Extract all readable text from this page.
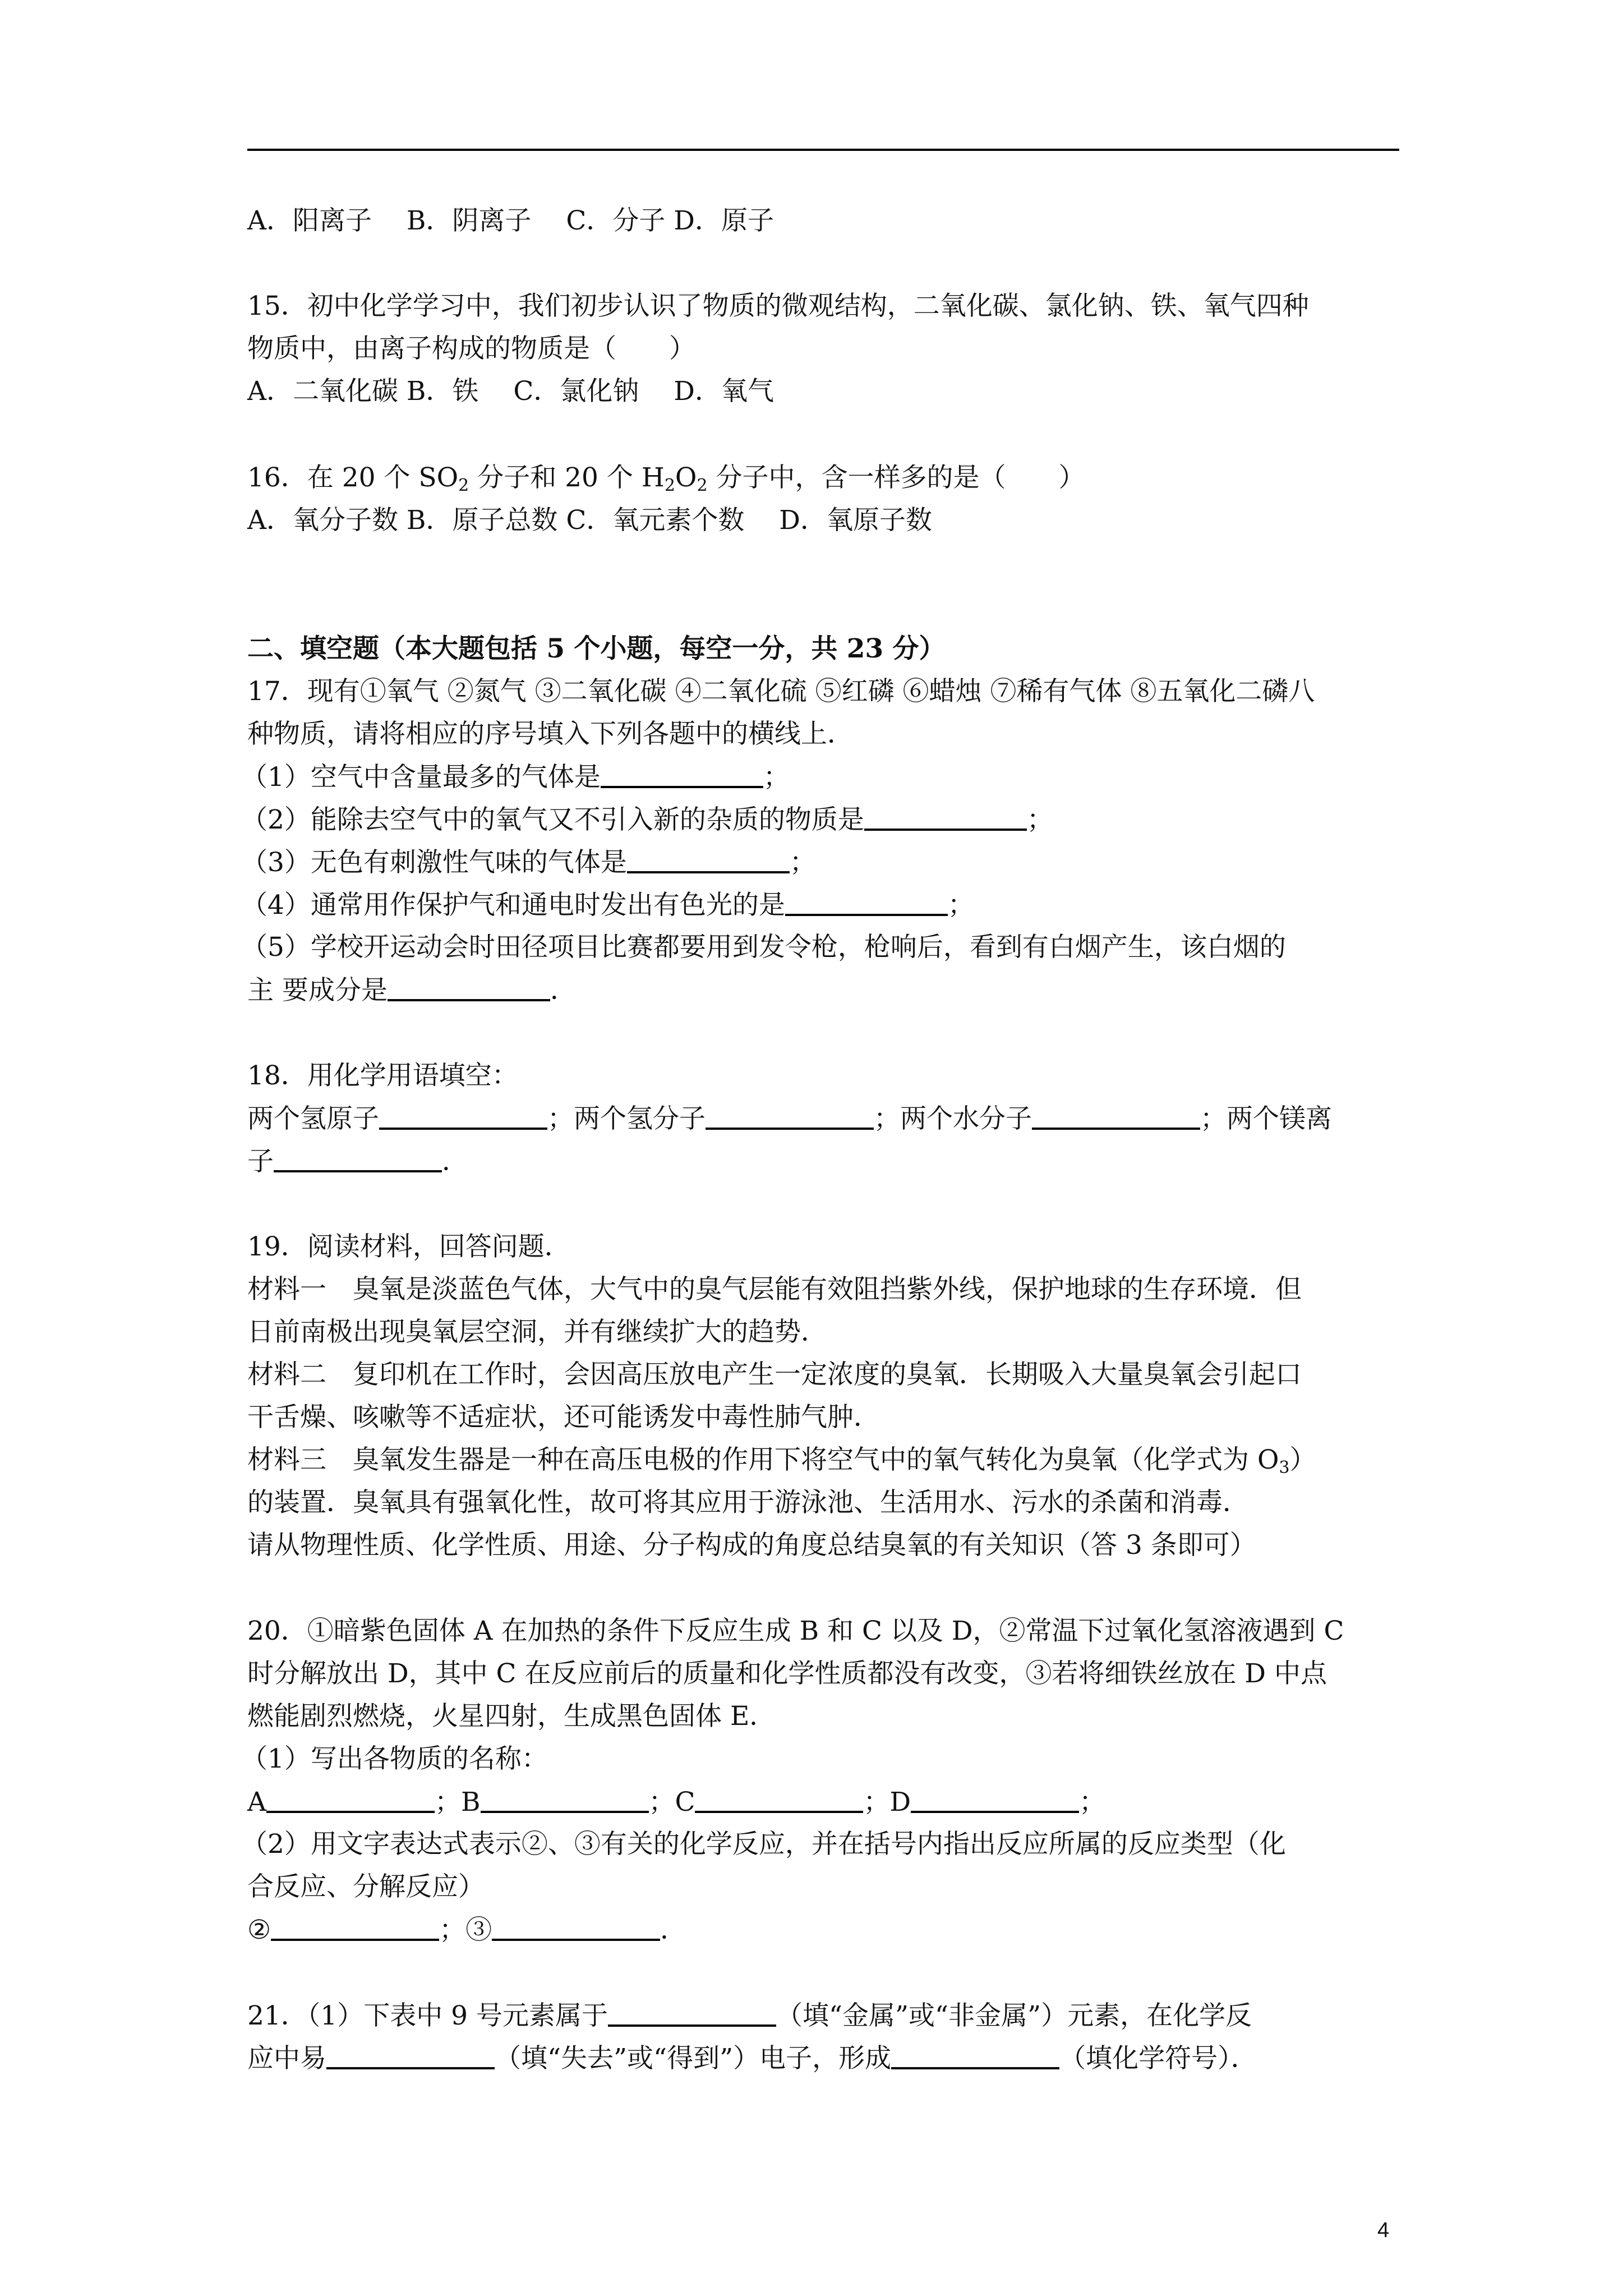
A．阳离子　 B．阴离子　 C．分子 D．原子
15．初中化学学习中，我们初步认识了物质的微观结构，二氧化碳、氯化钠、铁、氧气四种
物质中，由离子构成的物质是（　　）
A．二氧化碳 B．铁　 C．氯化钠　 D．氧气
16．在 20 个 $SO_2$ 分子和 20 个 $H_2O_2$ 分子中，含一样多的是（　　）
A．氧分子数 B．原子总数 C．氧元素个数　 D．氧原子数
二、填空题（本大题包括 5 个小题，每空一分，共 23 分）
17．现有①氧气 ②氮气 ③二氧化碳 ④二氧化硫 ⑤红磷 ⑥蜡烛 ⑦稀有气体 ⑧五氧化二磷八
种物质，请将相应的序号填入下列各题中的横线上．
（1）空气中含量最多的气体是	；
（2）能除去空气中的氧气又不引入新的杂质的物质是	；
（3）无色有刺激性气味的气体是	；
（4）通常用作保护气和通电时发出有色光的是	；
（5）学校开运动会时田径项目比赛都要用到发令枪，枪响后，看到有白烟产生，该白烟的
主 要成分是	．
18．用化学用语填空：
两个氢原子	；两个氢分子	；两个水分子	；两个镁离
子	．
19．阅读材料，回答问题．
材料一　臭氧是淡蓝色气体，大气中的臭气层能有效阻挡紫外线，保护地球的生存环境．但
日前南极出现臭氧层空洞，并有继续扩大的趋势．
材料二　复印机在工作时，会因高压放电产生一定浓度的臭氧．长期吸入大量臭氧会引起口
干舌燥、咳嗽等不适症状，还可能诱发中毒性肺气肿．
材料三　臭氧发生器是一种在高压电极的作用下将空气中的氧气转化为臭氧（化学式为 $O_3$）
的装置．臭氧具有强氧化性，故可将其应用于游泳池、生活用水、污水的杀菌和消毒．
请从物理性质、化学性质、用途、分子构成的角度总结臭氧的有关知识（答 3 条即可）
20．①暗紫色固体 A 在加热的条件下反应生成 B 和 C 以及 D，②常温下过氧化氢溶液遇到 C
时分解放出 D，其中 C 在反应前后的质量和化学性质都没有改变，③若将细铁丝放在 D 中点
燃能剧烈燃烧，火星四射，生成黑色固体 E．
（1）写出各物质的名称：
A	；B	；C	；D	；
（2）用文字表达式表示②、③有关的化学反应，并在括号内指出反应所属的反应类型（化
合反应、分解反应）
②	；③	．
21．（1）下表中 9 号元素属于	（填“金属”或“非金属”）元素，在化学反
应中易	（填“失去”或“得到”）电子，形成	（填化学符号）．
4
